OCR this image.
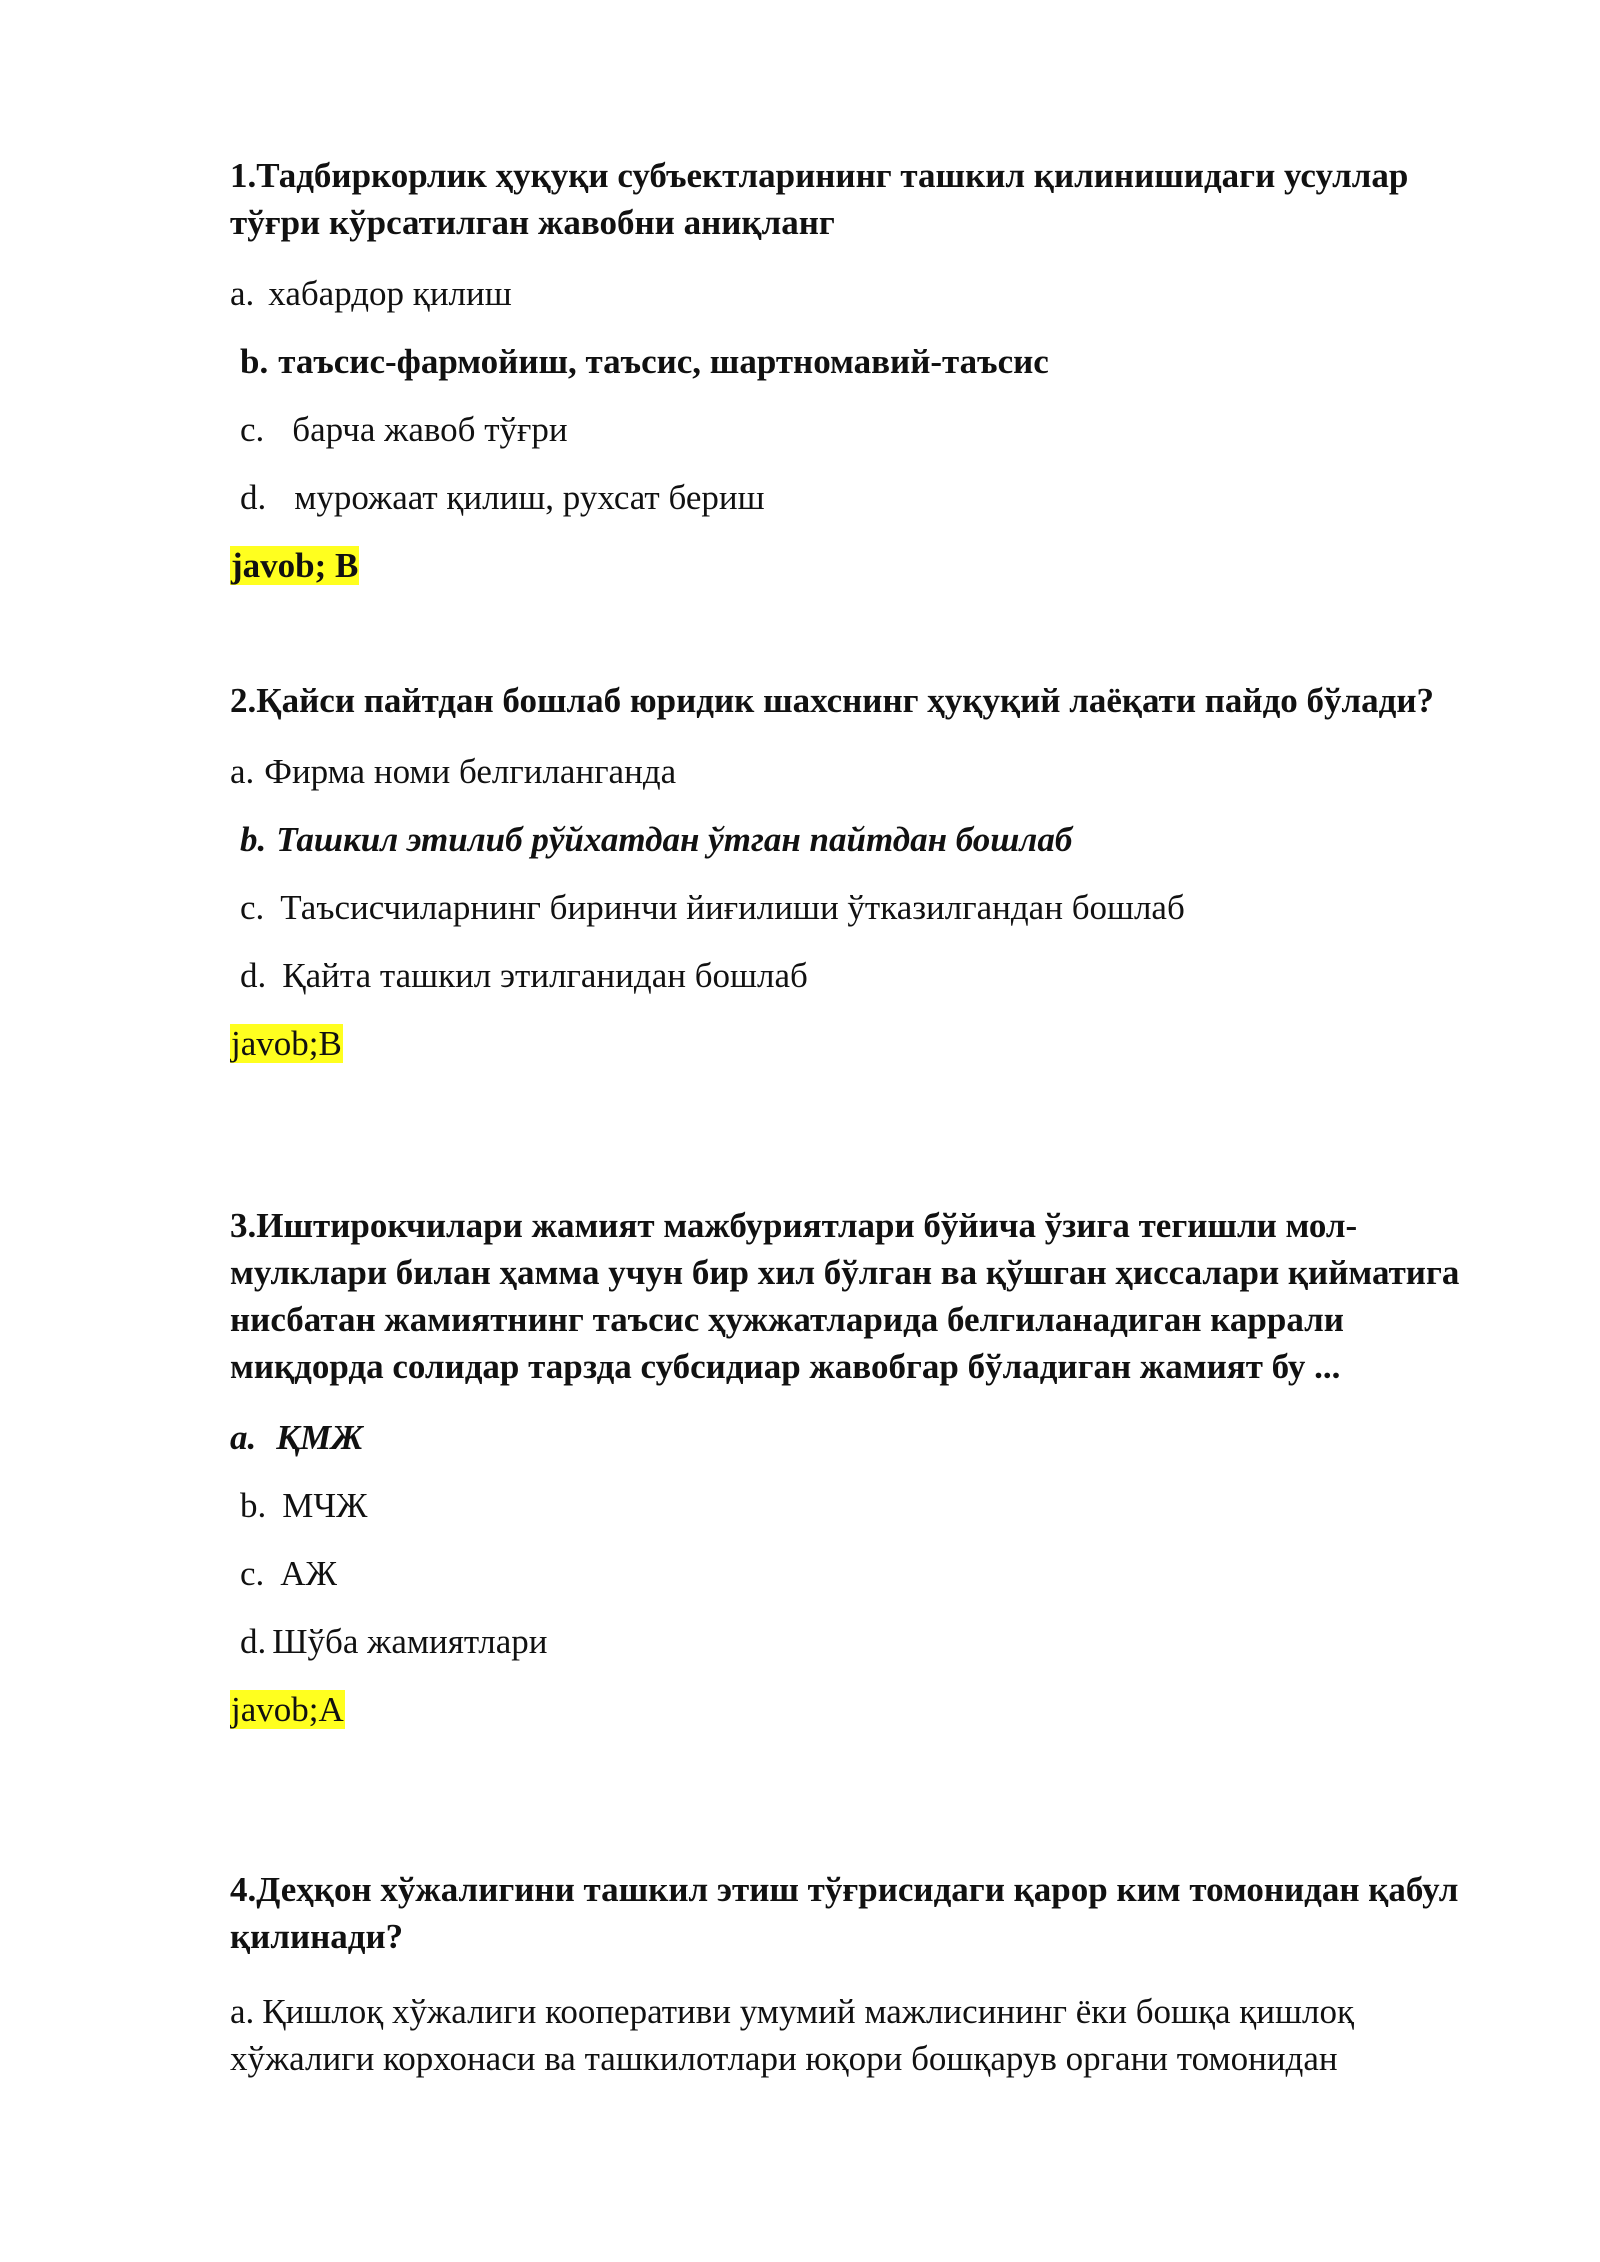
1.Тадбиркорлик ҳуқуқи субъектларининг ташкил қилинишидаги усуллар тўғри кўрсатилган жавобни аниқланг

a. хабардор қилиш

b. таъсис-фармойиш, таъсис, шартномавий-таъсис

c. барча жавоб тўғри

d. мурожаат қилиш, рухсат бериш

javob; B

2.Қайси пайтдан бошлаб юридик шахснинг ҳуқуқий лаёқати пайдо бўлади?

a. Фирма номи белгиланганда

b. Ташкил этилиб рўйхатдан ўтган пайтдан бошлаб

c. Таъсисчиларнинг биринчи йиғилиши ўтказилгандан бошлаб

d. Қайта ташкил этилганидан бошлаб

javob;B

3.Иштирокчилари жамият мажбуриятлари бўйича ўзига тегишли мол-мулклари билан ҳамма учун бир хил бўлган ва қўшган ҳиссалари қийматига нисбатан жамиятнинг таъсис ҳужжатларида белгиланадиган каррали миқдорда солидар тарзда субсидиар жавобгар бўладиган жамият бу ...

a. ҚМЖ

b. МЧЖ

c. АЖ

d. Шўба жамиятлари

javob;A

4.Деҳқон хўжалигини ташкил этиш тўғрисидаги қарор ким томонидан қабул қилинади?

a. Қишлоқ хўжалиги кооперативи умумий мажлисининг ёки бошқа қишлоқ хўжалиги корхонаси ва ташкилотлари юқори бошқарув органи томонидан
